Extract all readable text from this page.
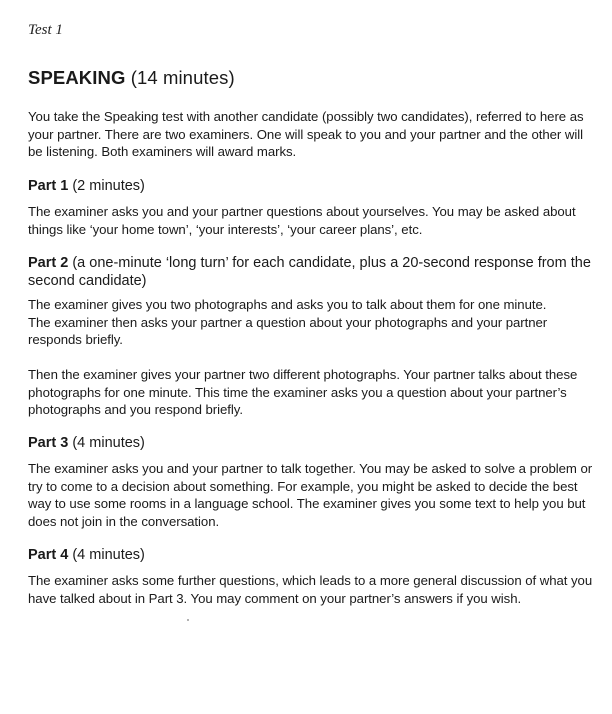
Test 1
SPEAKING (14 minutes)
You take the Speaking test with another candidate (possibly two candidates), referred to here as your partner. There are two examiners. One will speak to you and your partner and the other will be listening. Both examiners will award marks.
Part 1 (2 minutes)
The examiner asks you and your partner questions about yourselves. You may be asked about things like ‘your home town’, ‘your interests’, ‘your career plans’, etc.
Part 2 (a one-minute ‘long turn’ for each candidate, plus a 20-second response from the second candidate)
The examiner gives you two photographs and asks you to talk about them for one minute. The examiner then asks your partner a question about your photographs and your partner responds briefly.
Then the examiner gives your partner two different photographs. Your partner talks about these photographs for one minute. This time the examiner asks you a question about your partner’s photographs and you respond briefly.
Part 3 (4 minutes)
The examiner asks you and your partner to talk together. You may be asked to solve a problem or try to come to a decision about something. For example, you might be asked to decide the best way to use some rooms in a language school. The examiner gives you some text to help you but does not join in the conversation.
Part 4 (4 minutes)
The examiner asks some further questions, which leads to a more general discussion of what you have talked about in Part 3. You may comment on your partner’s answers if you wish.
